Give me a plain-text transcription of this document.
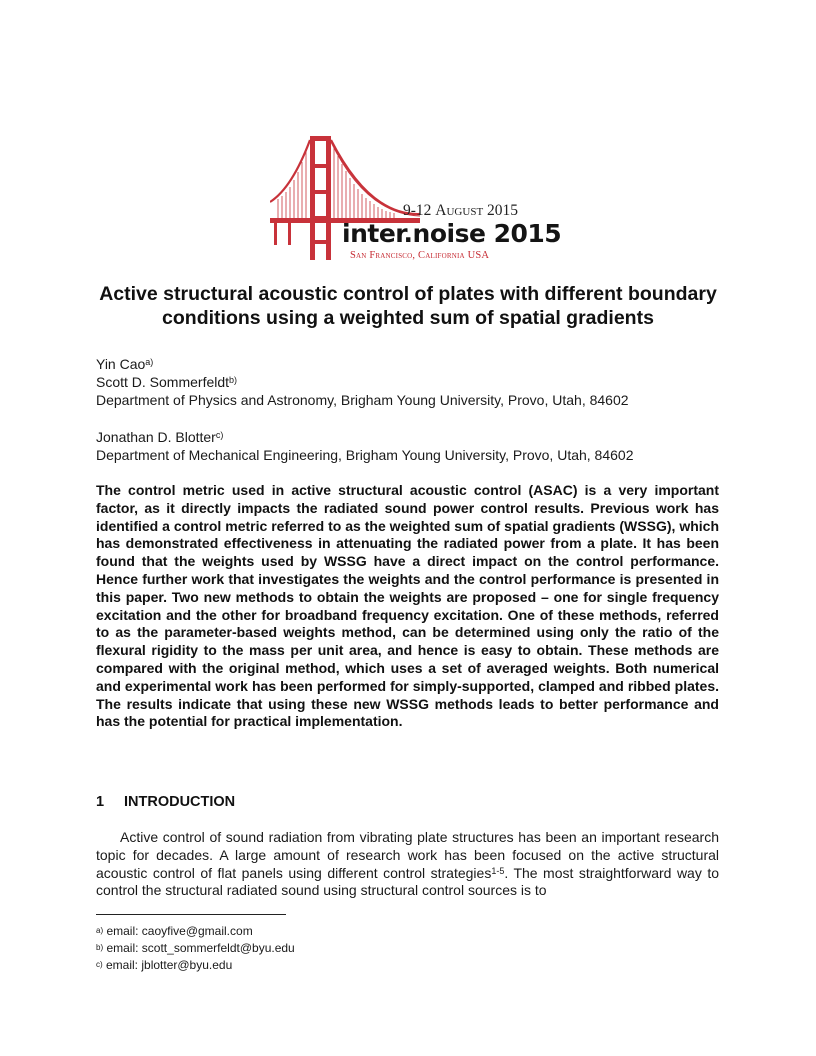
9-12 August 2015
inter.noise 2015
San Francisco, California USA
Active structural acoustic control of plates with different boundary
conditions using a weighted sum of spatial gradients
Yin Cao$^{a)}$
Scott D. Sommerfeldt$^{b)}$
Department of Physics and Astronomy, Brigham Young University, Provo, Utah, 84602
Jonathan D. Blotter$^{c)}$
Department of Mechanical Engineering, Brigham Young University, Provo, Utah, 84602
The control metric used in active structural acoustic control (ASAC) is a very important factor, as it directly impacts the radiated sound power control results. Previous work has identified a control metric referred to as the weighted sum of spatial gradients (WSSG), which has demonstrated effectiveness in attenuating the radiated power from a plate. It has been found that the weights used by WSSG have a direct impact on the control performance. Hence further work that investigates the weights and the control performance is presented in this paper. Two new methods to obtain the weights are proposed – one for single frequency excitation and the other for broadband frequency excitation. One of these methods, referred to as the parameter-based weights method, can be determined using only the ratio of the flexural rigidity to the mass per unit area, and hence is easy to obtain. These methods are compared with the original method, which uses a set of averaged weights. Both numerical and experimental work has been performed for simply-supported, clamped and ribbed plates. The results indicate that using these new WSSG methods leads to better performance and has the potential for practical implementation.
1 INTRODUCTION
Active control of sound radiation from vibrating plate structures has been an important research topic for decades. A large amount of research work has been focused on the active structural acoustic control of flat panels using different control strategies$^{1-5}$. The most straightforward way to control the structural radiated sound using structural control sources is to
$^{a)}$ email: caoyfive@gmail.com
$^{b)}$ email: scott_sommerfeldt@byu.edu
$^{c)}$ email: jblotter@byu.edu
